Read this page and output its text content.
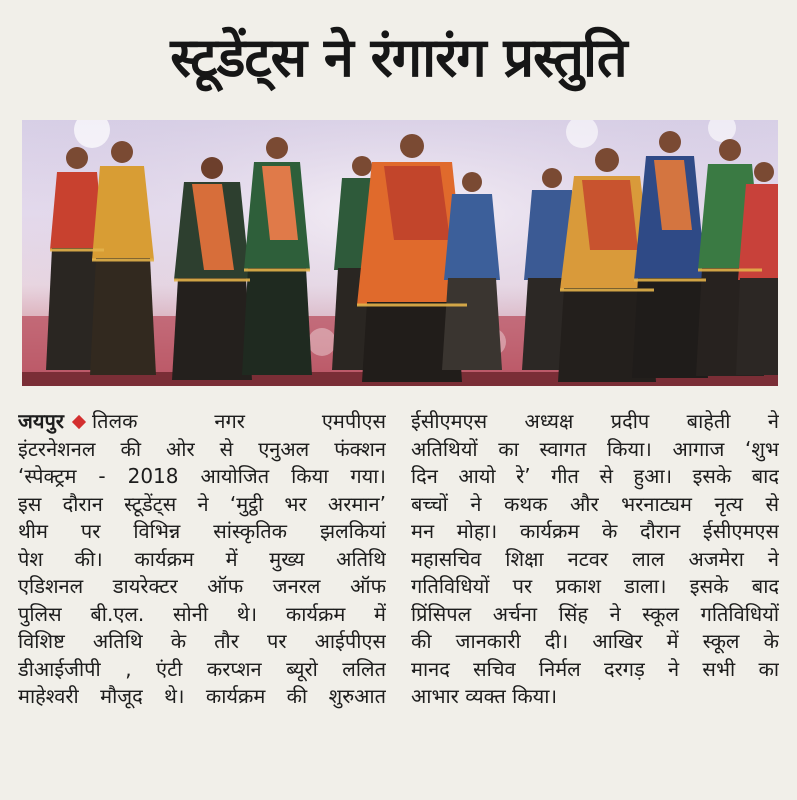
स्टूडेंट्स ने रंगारंग प्रस्तुति
जयपुर तिलक नगर एमपीएस
इंटरनेशनल की ओर से एनुअल फंक्शन
‘स्पेक्ट्रम - 2018 आयोजित किया गया।
इस दौरान स्टूडेंट्स ने ‘मुट्ठी भर अरमान’
थीम पर विभिन्न सांस्कृतिक झलकियां
पेश की। कार्यक्रम में मुख्य अतिथि
एडिशनल डायरेक्टर ऑफ जनरल ऑफ
पुलिस बी.एल. सोनी थे। कार्यक्रम में
विशिष्ट अतिथि के तौर पर आईपीएस
डीआईजीपी , एंटी करप्शन ब्यूरो ललित
माहेश्वरी मौजूद थे। कार्यक्रम की शुरुआत
ईसीएमएस अध्यक्ष प्रदीप बाहेती ने
अतिथियों का स्वागत किया। आगाज ‘शुभ
दिन आयो रे’ गीत से हुआ। इसके बाद
बच्चों ने कथक और भरनाट्यम नृत्य से
मन मोहा। कार्यक्रम के दौरान ईसीएमएस
महासचिव शिक्षा नटवर लाल अजमेरा ने
गतिविधियों पर प्रकाश डाला। इसके बाद
प्रिंसिपल अर्चना सिंह ने स्कूल गतिविधियों
की जानकारी दी। आखिर में स्कूल के
मानद सचिव निर्मल दरगड़ ने सभी का
आभार व्यक्त किया।
